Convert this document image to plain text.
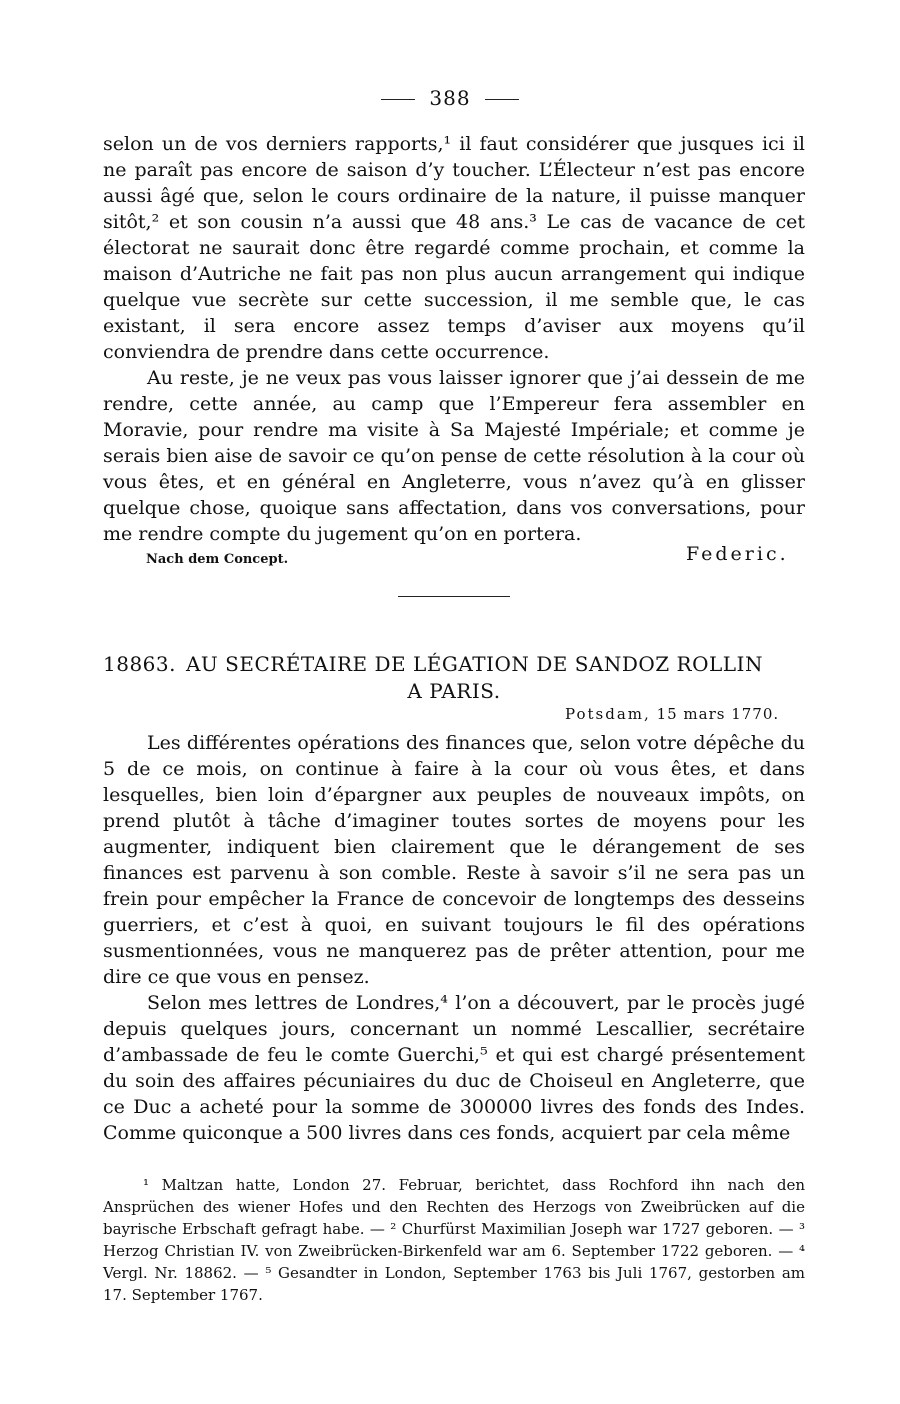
388

selon un de vos derniers rapports,¹ il faut considérer que jusques ici il ne paraît pas encore de saison d’y toucher. L’Électeur n’est pas encore aussi âgé que, selon le cours ordinaire de la nature, il puisse manquer sitôt,² et son cousin n’a aussi que 48 ans.³ Le cas de vacance de cet électorat ne saurait donc être regardé comme prochain, et comme la maison d’Autriche ne fait pas non plus aucun arrangement qui indique quelque vue secrète sur cette succession, il me semble que, le cas existant, il sera encore assez temps d’aviser aux moyens qu’il conviendra de prendre dans cette occurrence.

Au reste, je ne veux pas vous laisser ignorer que j’ai dessein de me rendre, cette année, au camp que l’Empereur fera assembler en Moravie, pour rendre ma visite à Sa Majesté Impériale; et comme je serais bien aise de savoir ce qu’on pense de cette résolution à la cour où vous êtes, et en général en Angleterre, vous n’avez qu’à en glisser quelque chose, quoique sans affectation, dans vos conversations, pour me rendre compte du jugement qu’on en portera.

Nach dem Concept.	Federic.
18863. AU SECRÉTAIRE DE LÉGATION DE SANDOZ ROLLIN
A PARIS.
Potsdam, 15 mars 1770.

Les différentes opérations des finances que, selon votre dépêche du 5 de ce mois, on continue à faire à la cour où vous êtes, et dans lesquelles, bien loin d’épargner aux peuples de nouveaux impôts, on prend plutôt à tâche d’imaginer toutes sortes de moyens pour les augmenter, indiquent bien clairement que le dérangement de ses finances est parvenu à son comble. Reste à savoir s’il ne sera pas un frein pour empêcher la France de concevoir de longtemps des desseins guerriers, et c’est à quoi, en suivant toujours le fil des opérations susmentionnées, vous ne manquerez pas de prêter attention, pour me dire ce que vous en pensez.

Selon mes lettres de Londres,⁴ l’on a découvert, par le procès jugé depuis quelques jours, concernant un nommé Lescallier, secrétaire d’ambassade de feu le comte Guerchi,⁵ et qui est chargé présentement du soin des affaires pécuniaires du duc de Choiseul en Angleterre, que ce Duc a acheté pour la somme de 300000 livres des fonds des Indes. Comme quiconque a 500 livres dans ces fonds, acquiert par cela même

¹ Maltzan hatte, London 27. Februar, berichtet, dass Rochford ihn nach den Ansprüchen des wiener Hofes und den Rechten des Herzogs von Zweibrücken auf die bayrische Erbschaft gefragt habe. — ² Churfürst Maximilian Joseph war 1727 geboren. — ³ Herzog Christian IV. von Zweibrücken-Birkenfeld war am 6. September 1722 geboren. — ⁴ Vergl. Nr. 18862. — ⁵ Gesandter in London, September 1763 bis Juli 1767, gestorben am 17. September 1767.
